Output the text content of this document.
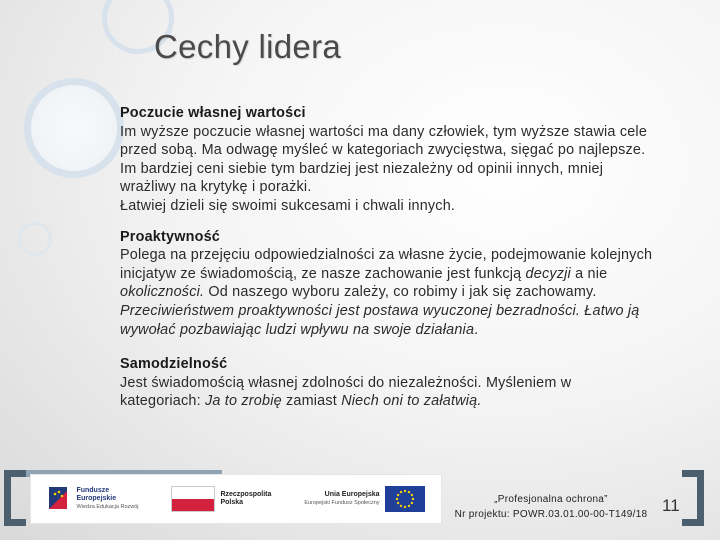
Cechy lidera
Poczucie własnej wartości

Im wyższe poczucie własnej wartości ma dany człowiek, tym wyższe stawia cele

przed sobą. Ma odwagę myśleć w kategoriach zwycięstwa, sięgać po najlepsze.

Im bardziej ceni siebie tym bardziej jest niezależny od opinii innych, mniej

wrażliwy na krytykę i porażki.

Łatwiej dzieli się swoimi sukcesami i chwali innych.

Proaktywność

Polega na przejęciu odpowiedzialności za własne życie, podejmowanie kolejnych

inicjatyw ze świadomością, ze nasze zachowanie jest funkcją decyzji a nie

okoliczności. Od naszego wyboru zależy, co robimy i jak się zachowamy.

Przeciwieństwem proaktywności jest postawa wyuczonej bezradności. Łatwo ją

wywołać pozbawiając ludzi wpływu na swoje działania.

Samodzielność

Jest świadomością własnej zdolności do niezależności. Myśleniem w

kategoriach: Ja to zrobię zamiast Niech oni to załatwią.

Fundusze
Europejskie
Wiedza Edukacja Rozwój
Rzeczpospolita
Polska
Unia Europejska
Europejski Fundusz Społeczny	„Profesjonalna ochrona”
Nr projektu: POWR.03.01.00-00-T149/18 11
